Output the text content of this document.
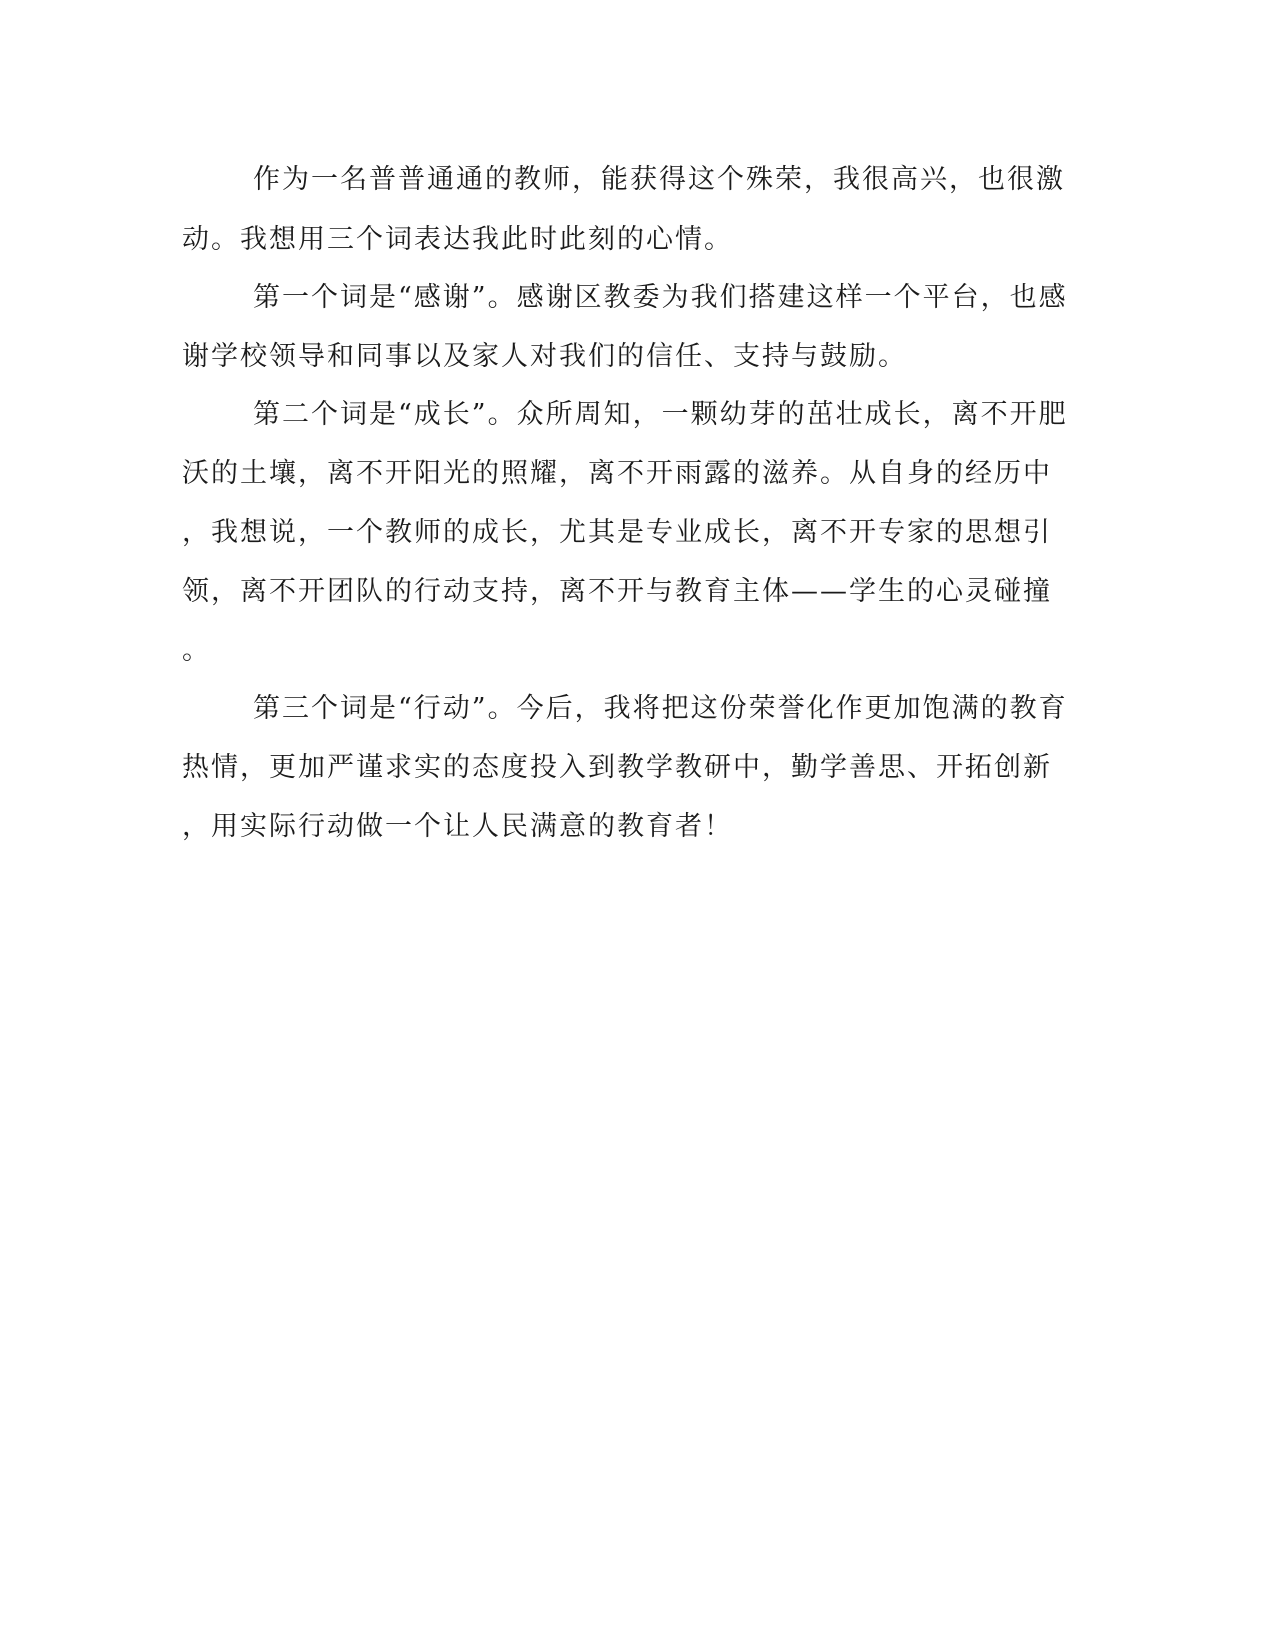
作为一名普普通通的教师，能获得这个殊荣，我很高兴，也很激
动。我想用三个词表达我此时此刻的心情。
第一个词是“感谢”。感谢区教委为我们搭建这样一个平台，也感
谢学校领导和同事以及家人对我们的信任、支持与鼓励。
第二个词是“成长”。众所周知，一颗幼芽的茁壮成长，离不开肥
沃的土壤，离不开阳光的照耀，离不开雨露的滋养。从自身的经历中
，我想说，一个教师的成长，尤其是专业成长，离不开专家的思想引
领，离不开团队的行动支持，离不开与教育主体——学生的心灵碰撞
。
第三个词是“行动”。今后，我将把这份荣誉化作更加饱满的教育
热情，更加严谨求实的态度投入到教学教研中，勤学善思、开拓创新
，用实际行动做一个让人民满意的教育者！
